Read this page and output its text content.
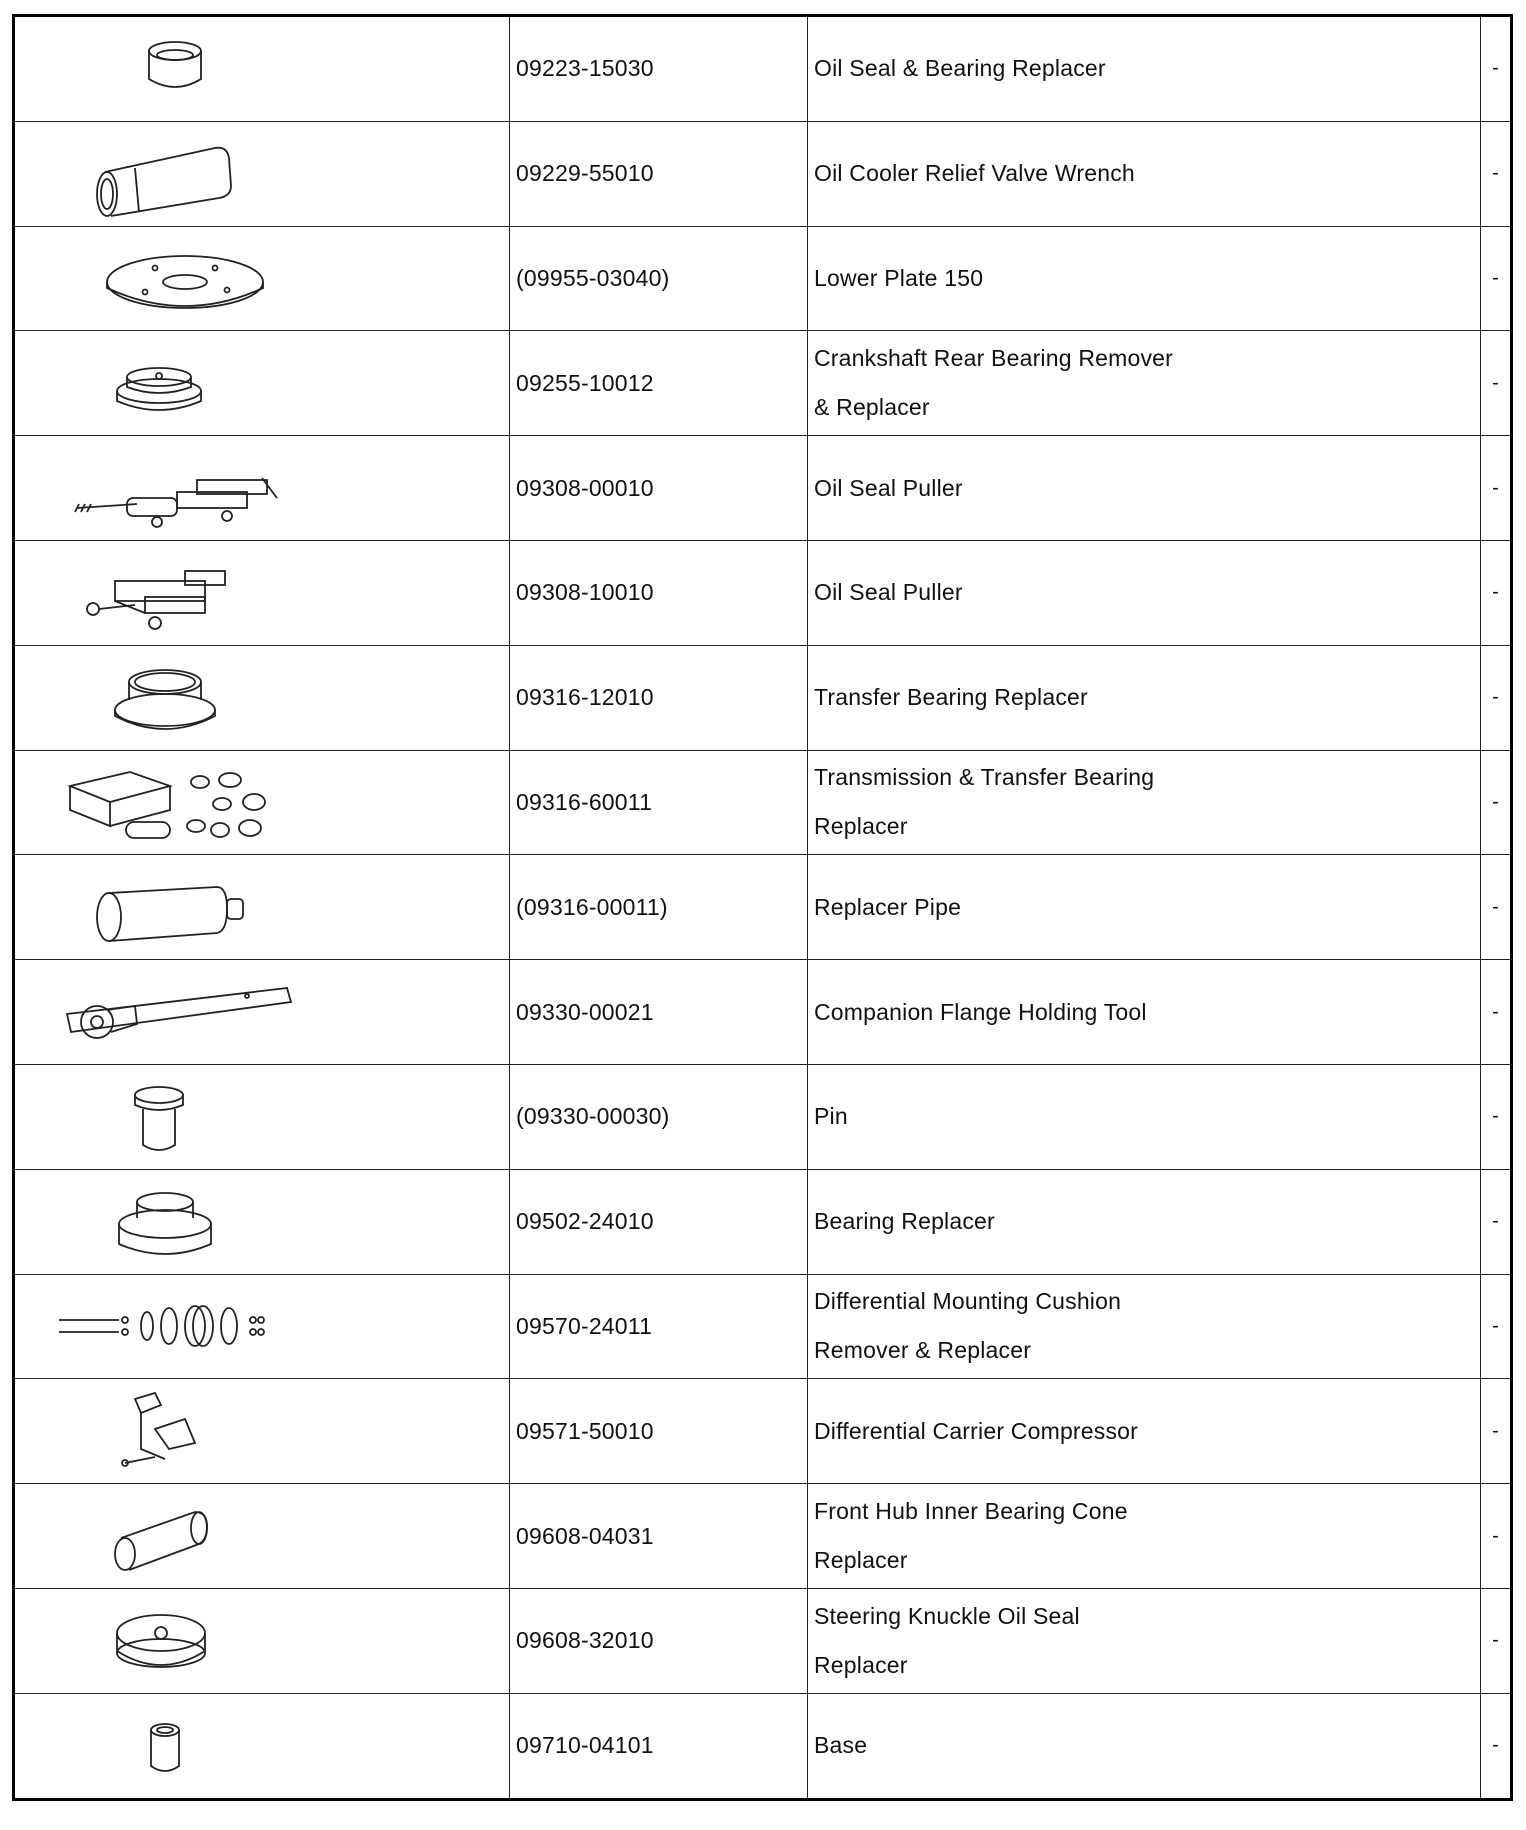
	09223-15030	Oil Seal & Bearing Replacer	-

	09229-55010	Oil Cooler Relief Valve Wrench	-

	(09955-03040)	Lower Plate 150	-

	09255-10012	Crankshaft Rear Bearing Remover
& Replacer	-

	09308-00010	Oil Seal Puller	-

	09308-10010	Oil Seal Puller	-

	09316-12010	Transfer Bearing Replacer	-

	09316-60011	Transmission & Transfer Bearing
Replacer	-

	(09316-00011)	Replacer Pipe	-

	09330-00021	Companion Flange Holding Tool	-

	(09330-00030)	Pin	-

	09502-24010	Bearing Replacer	-

	09570-24011	Differential Mounting Cushion
Remover & Replacer	-

	09571-50010	Differential Carrier Compressor	-

	09608-04031	Front Hub Inner Bearing Cone
Replacer	-

	09608-32010	Steering Knuckle Oil Seal
Replacer	-

	09710-04101	Base	-
